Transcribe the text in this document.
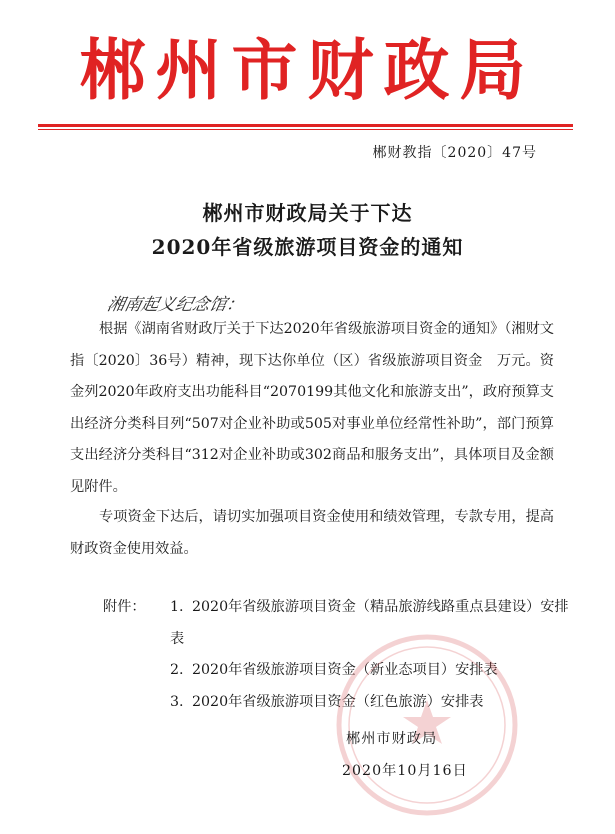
郴州市财政局
郴财教指〔2020〕47号
郴州市财政局关于下达
2020年省级旅游项目资金的通知
湘南起义纪念馆：
根据《湖南省财政厅关于下达2020年省级旅游项目资金的通知》（湘财文指〔2020〕36号）精神，现下达你单位（区）省级旅游项目资金　万元。资金列2020年政府支出功能科目“2070199其他文化和旅游支出”，政府预算支出经济分类科目列“507对企业补助或505对事业单位经常性补助”，部门预算支出经济分类科目“312对企业补助或302商品和服务支出”，具体项目及金额见附件。
专项资金下达后，请切实加强项目资金使用和绩效管理，专款专用，提高财政资金使用效益。
附件： 1. 2020年省级旅游项目资金（精品旅游线路重点县建设）安排表
2. 2020年省级旅游项目资金（新业态项目）安排表
3. 2020年省级旅游项目资金（红色旅游）安排表
郴州市财政局
2020年10月16日
